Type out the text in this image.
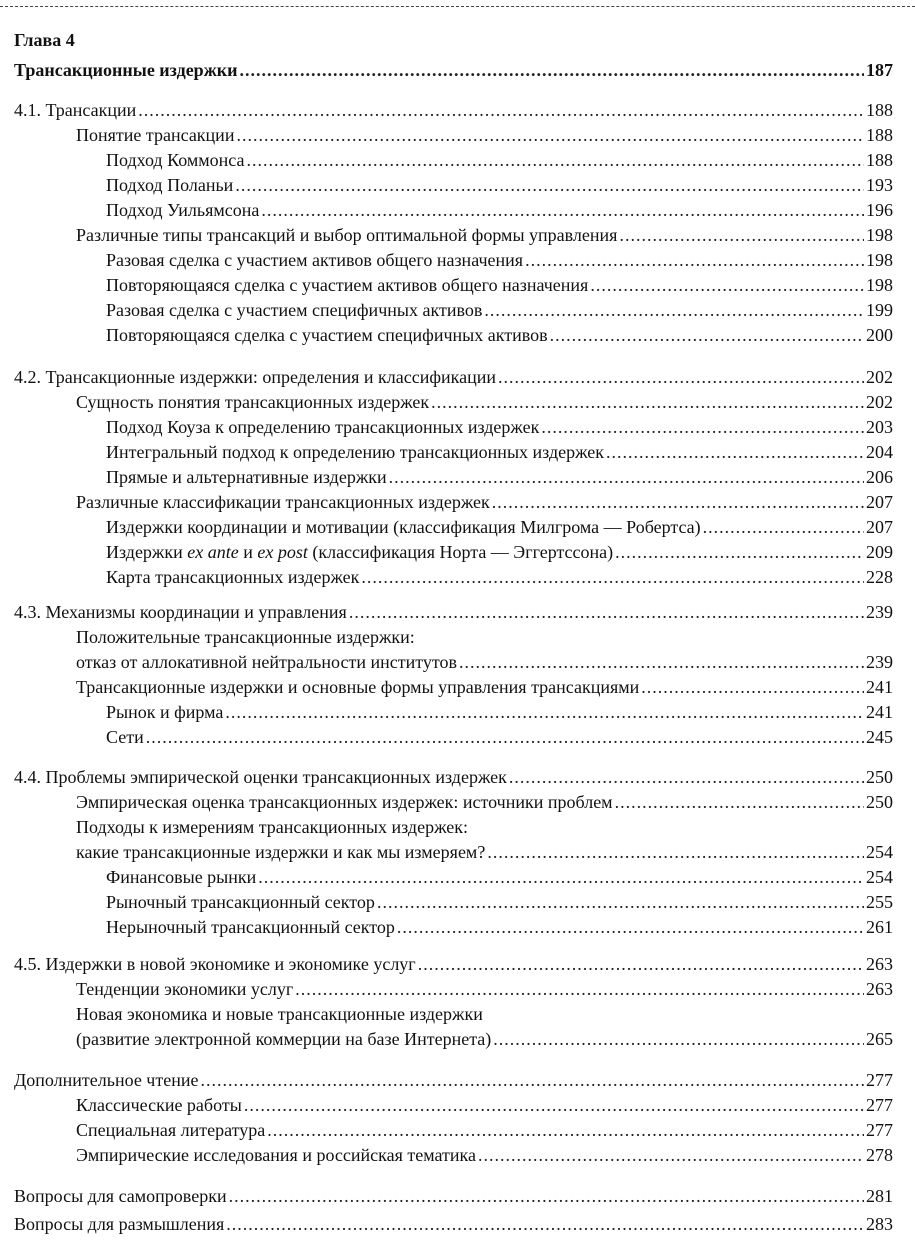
Глава 4
Трансакционные издержки .....	187
4.1. Трансакции .....	188
Понятие трансакции .....	188
Подход Коммонса .....	188
Подход Поланьи .....	193
Подход Уильямсона .....	196
Различные типы трансакций и выбор оптимальной формы управления .....	198
Разовая сделка с участием активов общего назначения .....	198
Повторяющаяся сделка с участием активов общего назначения .....	198
Разовая сделка с участием специфичных активов .....	199
Повторяющаяся сделка с участием специфичных активов .....	200
4.2. Трансакционные издержки: определения и классификации .....	202
Сущность понятия трансакционных издержек .....	202
Подход Коуза к определению трансакционных издержек .....	203
Интегральный подход к определению трансакционных издержек .....	204
Прямые и альтернативные издержки .....	206
Различные классификации трансакционных издержек .....	207
Издержки координации и мотивации (классификация Милгрома — Робертса) .....	207
Издержки ex ante и ex post (классификация Норта — Эггертссона) .....	209
Карта трансакционных издержек .....	228
4.3. Механизмы координации и управления .....	239
Положительные трансакционные издержки:
отказ от аллокативной нейтральности институтов .....	239
Трансакционные издержки и основные формы управления трансакциями .....	241
Рынок и фирма .....	241
Сети .....	245
4.4. Проблемы эмпирической оценки трансакционных издержек .....	250
Эмпирическая оценка трансакционных издержек: источники проблем .....	250
Подходы к измерениям трансакционных издержек:
какие трансакционные издержки и как мы измеряем? .....	254
Финансовые рынки .....	254
Рыночный трансакционный сектор .....	255
Нерыночный трансакционный сектор .....	261
4.5. Издержки в новой экономике и экономике услуг .....	263
Тенденции экономики услуг .....	263
Новая экономика и новые трансакционные издержки
(развитие электронной коммерции на базе Интернета) .....	265
Дополнительное чтение .....	277
Классические работы .....	277
Специальная литература .....	277
Эмпирические исследования и российская тематика .....	278
Вопросы для самопроверки .....	281
Вопросы для размышления .....	283
